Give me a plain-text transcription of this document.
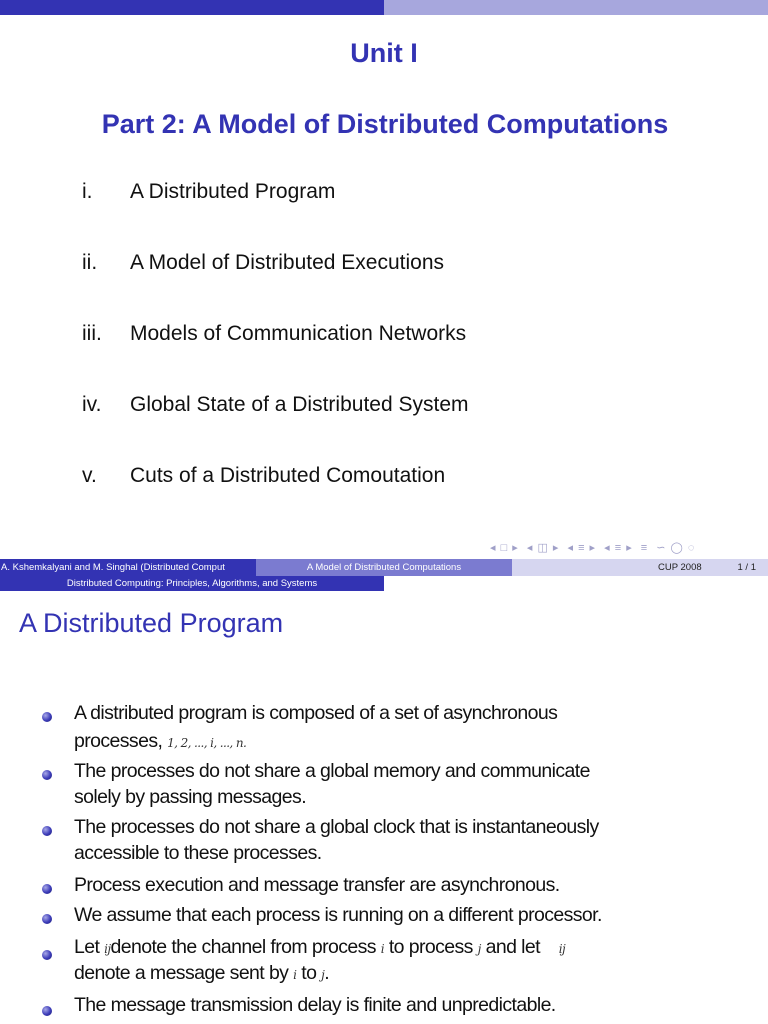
Unit I
Part 2: A Model of Distributed Computations
i. A Distributed Program
ii. A Model of Distributed Executions
iii. Models of Communication Networks
iv. Global State of a Distributed System
v. Cuts of a Distributed Comoutation
◂ □ ▸ ◂ ◫ ▸ ◂ ≡ ▸ ◂ ≡ ▸ ≡ ∽ ◯ ◌
A. Kshemkalyani and M. Singhal (Distributed Comput	A Model of Distributed Computations	CUP 2008	1 / 1
Distributed Computing: Principles, Algorithms, and Systems
A Distributed Program
A distributed program is composed of a set of asynchronous
processes, 1, 2, ..., i, ..., n.
The processes do not share a global memory and communicate
solely by passing messages.
The processes do not share a global clock that is instantaneously
accessible to these processes.
Process execution and message transfer are asynchronous.
We assume that each process is running on a different processor.
Let ijdenote the channel from process i to process j and let ij
denote a message sent by i to j.
The message transmission delay is finite and unpredictable.
